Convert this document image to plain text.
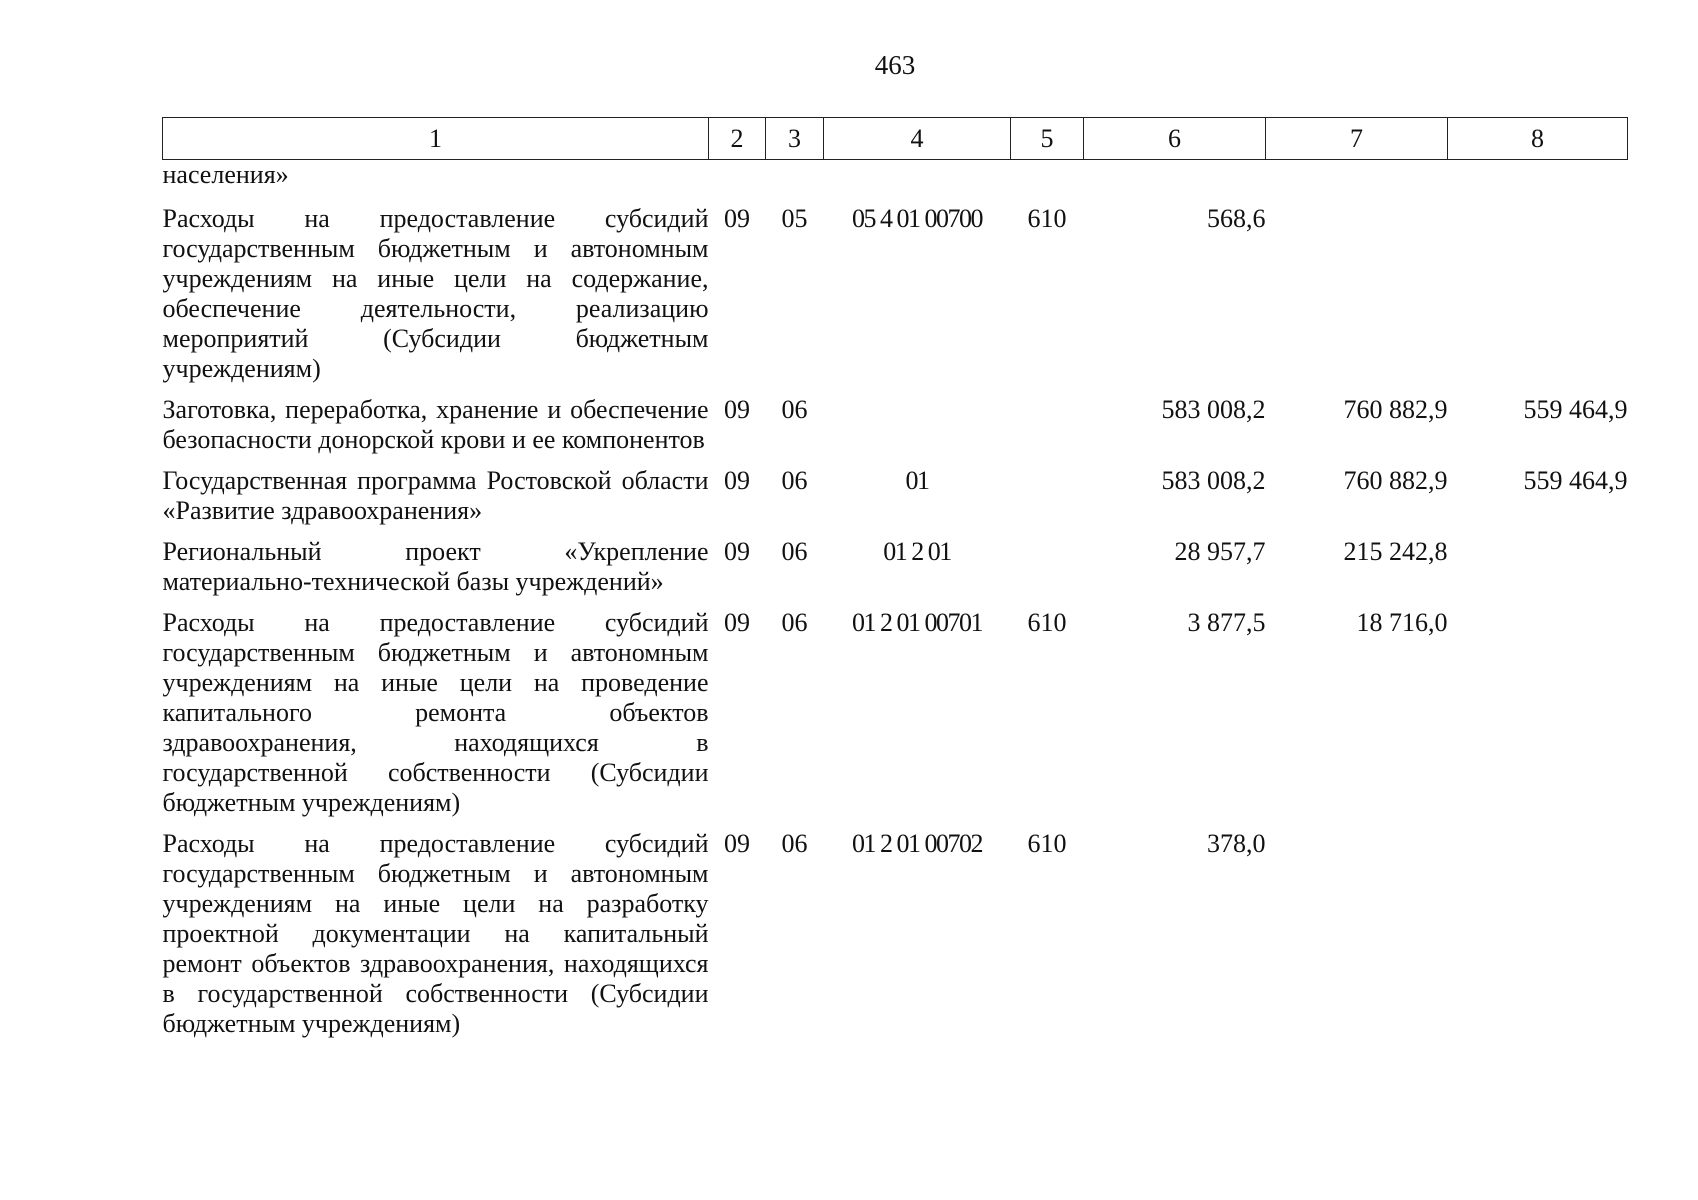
463
1	2	3	4	5	6	7	8
населения»							
Расходы на предоставление субсидий государственным бюджетным и автономным учреждениям на иные цели на содержание, обеспечение деятельности, реализацию мероприятий (Субсидии бюджетным учреждениям)	09	05	05 4 01 00700	610	568,6		
Заготовка, переработка, хранение и обеспечение безопасности донорской крови и ее компонентов	09	06			583 008,2	760 882,9	559 464,9
Государственная программа Ростовской области «Развитие здравоохранения»	09	06	01		583 008,2	760 882,9	559 464,9
Региональный проект «Укрепление материально-технической базы учреждений»	09	06	01 2 01		28 957,7	215 242,8	
Расходы на предоставление субсидий государственным бюджетным и автономным учреждениям на иные цели на проведение капитального ремонта объектов здравоохранения, находящихся в государственной собственности (Субсидии бюджетным учреждениям)	09	06	01 2 01 00701	610	3 877,5	18 716,0	
Расходы на предоставление субсидий государственным бюджетным и автономным учреждениям на иные цели на разработку проектной документации на капитальный ремонт объектов здравоохранения, находящихся в государственной собственности (Субсидии бюджетным учреждениям)	09	06	01 2 01 00702	610	378,0		
